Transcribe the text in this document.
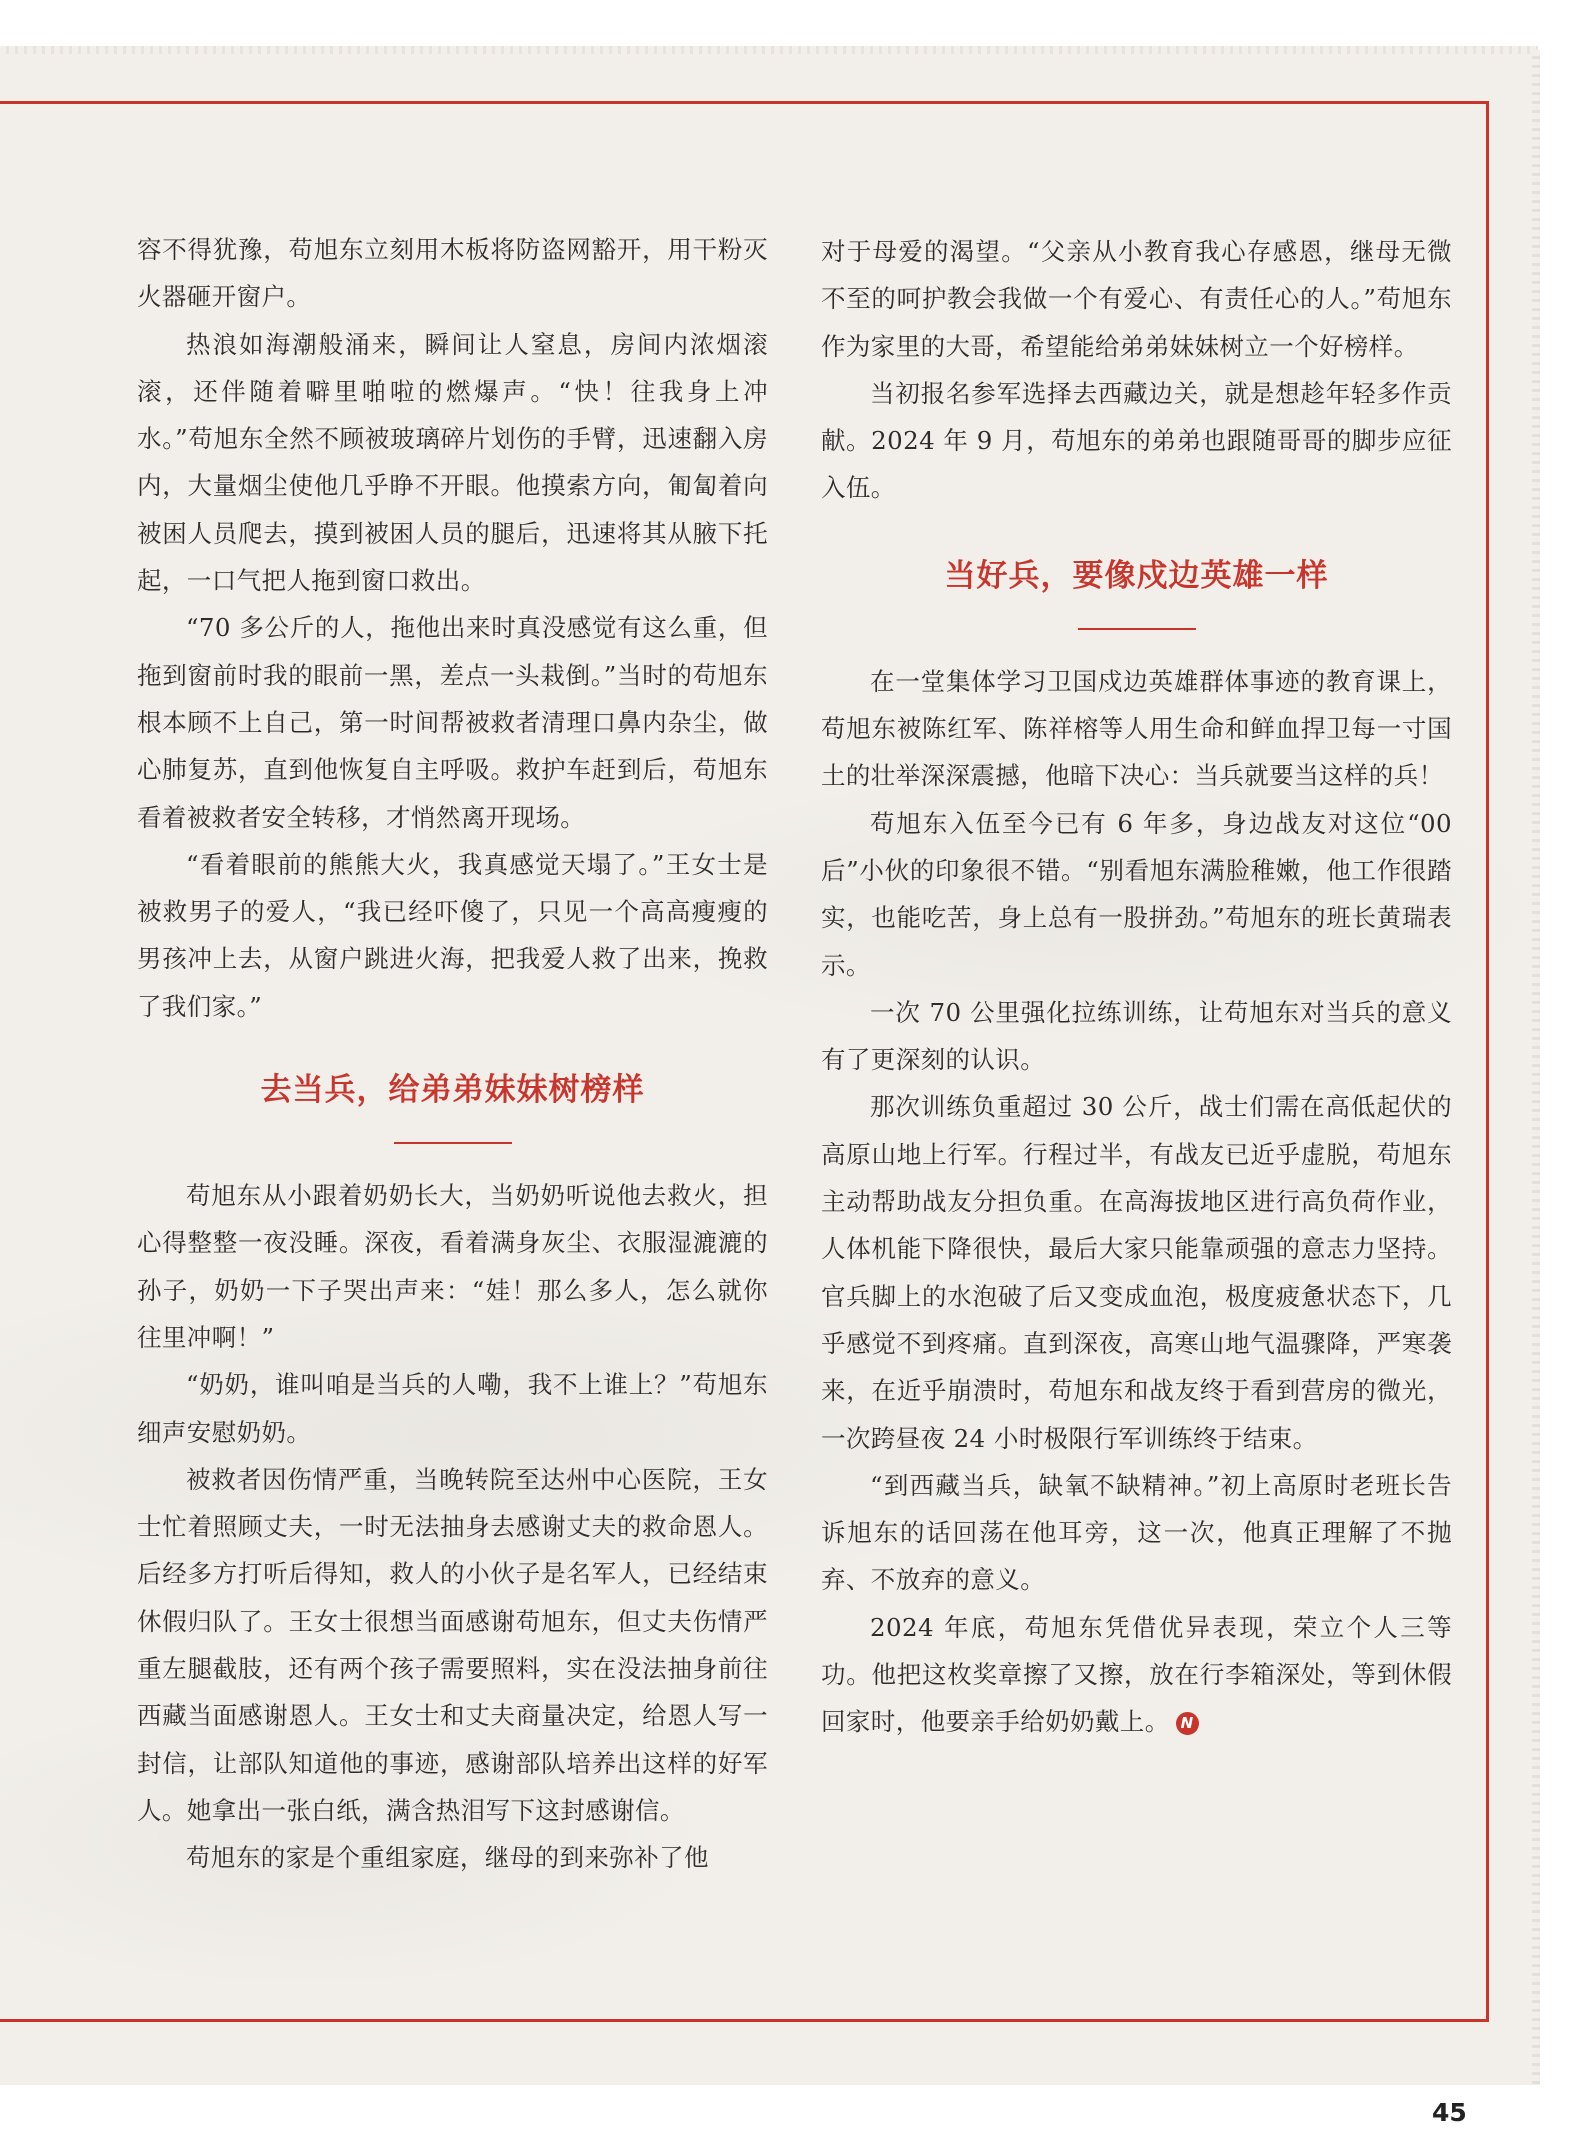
容不得犹豫，苟旭东立刻用木板将防盗网豁开，用干粉灭火器砸开窗户。

热浪如海潮般涌来，瞬间让人窒息，房间内浓烟滚滚，还伴随着噼里啪啦的燃爆声。“快！往我身上冲水。”苟旭东全然不顾被玻璃碎片划伤的手臂，迅速翻入房内，大量烟尘使他几乎睁不开眼。他摸索方向，匍匐着向被困人员爬去，摸到被困人员的腿后，迅速将其从腋下托起，一口气把人拖到窗口救出。

“70 多公斤的人，拖他出来时真没感觉有这么重，但拖到窗前时我的眼前一黑，差点一头栽倒。”当时的苟旭东根本顾不上自己，第一时间帮被救者清理口鼻内杂尘，做心肺复苏，直到他恢复自主呼吸。救护车赶到后，苟旭东看着被救者安全转移，才悄然离开现场。

“看着眼前的熊熊大火，我真感觉天塌了。”王女士是被救男子的爱人，“我已经吓傻了，只见一个高高瘦瘦的男孩冲上去，从窗户跳进火海，把我爱人救了出来，挽救了我们家。”

去当兵，给弟弟妹妹树榜样

苟旭东从小跟着奶奶长大，当奶奶听说他去救火，担心得整整一夜没睡。深夜，看着满身灰尘、衣服湿漉漉的孙子，奶奶一下子哭出声来：“娃！那么多人，怎么就你往里冲啊！”

“奶奶，谁叫咱是当兵的人嘞，我不上谁上？”苟旭东细声安慰奶奶。

被救者因伤情严重，当晚转院至达州中心医院，王女士忙着照顾丈夫，一时无法抽身去感谢丈夫的救命恩人。后经多方打听后得知，救人的小伙子是名军人，已经结束休假归队了。王女士很想当面感谢苟旭东，但丈夫伤情严重左腿截肢，还有两个孩子需要照料，实在没法抽身前往西藏当面感谢恩人。王女士和丈夫商量决定，给恩人写一封信，让部队知道他的事迹，感谢部队培养出这样的好军人。她拿出一张白纸，满含热泪写下这封感谢信。

苟旭东的家是个重组家庭，继母的到来弥补了他

对于母爱的渴望。“父亲从小教育我心存感恩，继母无微不至的呵护教会我做一个有爱心、有责任心的人。”苟旭东作为家里的大哥，希望能给弟弟妹妹树立一个好榜样。

当初报名参军选择去西藏边关，就是想趁年轻多作贡献。2024 年 9 月，苟旭东的弟弟也跟随哥哥的脚步应征入伍。

当好兵，要像戍边英雄一样

在一堂集体学习卫国戍边英雄群体事迹的教育课上，苟旭东被陈红军、陈祥榕等人用生命和鲜血捍卫每一寸国土的壮举深深震撼，他暗下决心：当兵就要当这样的兵！

苟旭东入伍至今已有 6 年多，身边战友对这位“00后”小伙的印象很不错。“别看旭东满脸稚嫩，他工作很踏实，也能吃苦，身上总有一股拼劲。”苟旭东的班长黄瑞表示。

一次 70 公里强化拉练训练，让苟旭东对当兵的意义有了更深刻的认识。

那次训练负重超过 30 公斤，战士们需在高低起伏的高原山地上行军。行程过半，有战友已近乎虚脱，苟旭东主动帮助战友分担负重。在高海拔地区进行高负荷作业，人体机能下降很快，最后大家只能靠顽强的意志力坚持。官兵脚上的水泡破了后又变成血泡，极度疲惫状态下，几乎感觉不到疼痛。直到深夜，高寒山地气温骤降，严寒袭来，在近乎崩溃时，苟旭东和战友终于看到营房的微光，一次跨昼夜 24 小时极限行军训练终于结束。

“到西藏当兵，缺氧不缺精神。”初上高原时老班长告诉旭东的话回荡在他耳旁，这一次，他真正理解了不抛弃、不放弃的意义。

2024 年底，苟旭东凭借优异表现，荣立个人三等功。他把这枚奖章擦了又擦，放在行李箱深处，等到休假回家时，他要亲手给奶奶戴上。 N

45
